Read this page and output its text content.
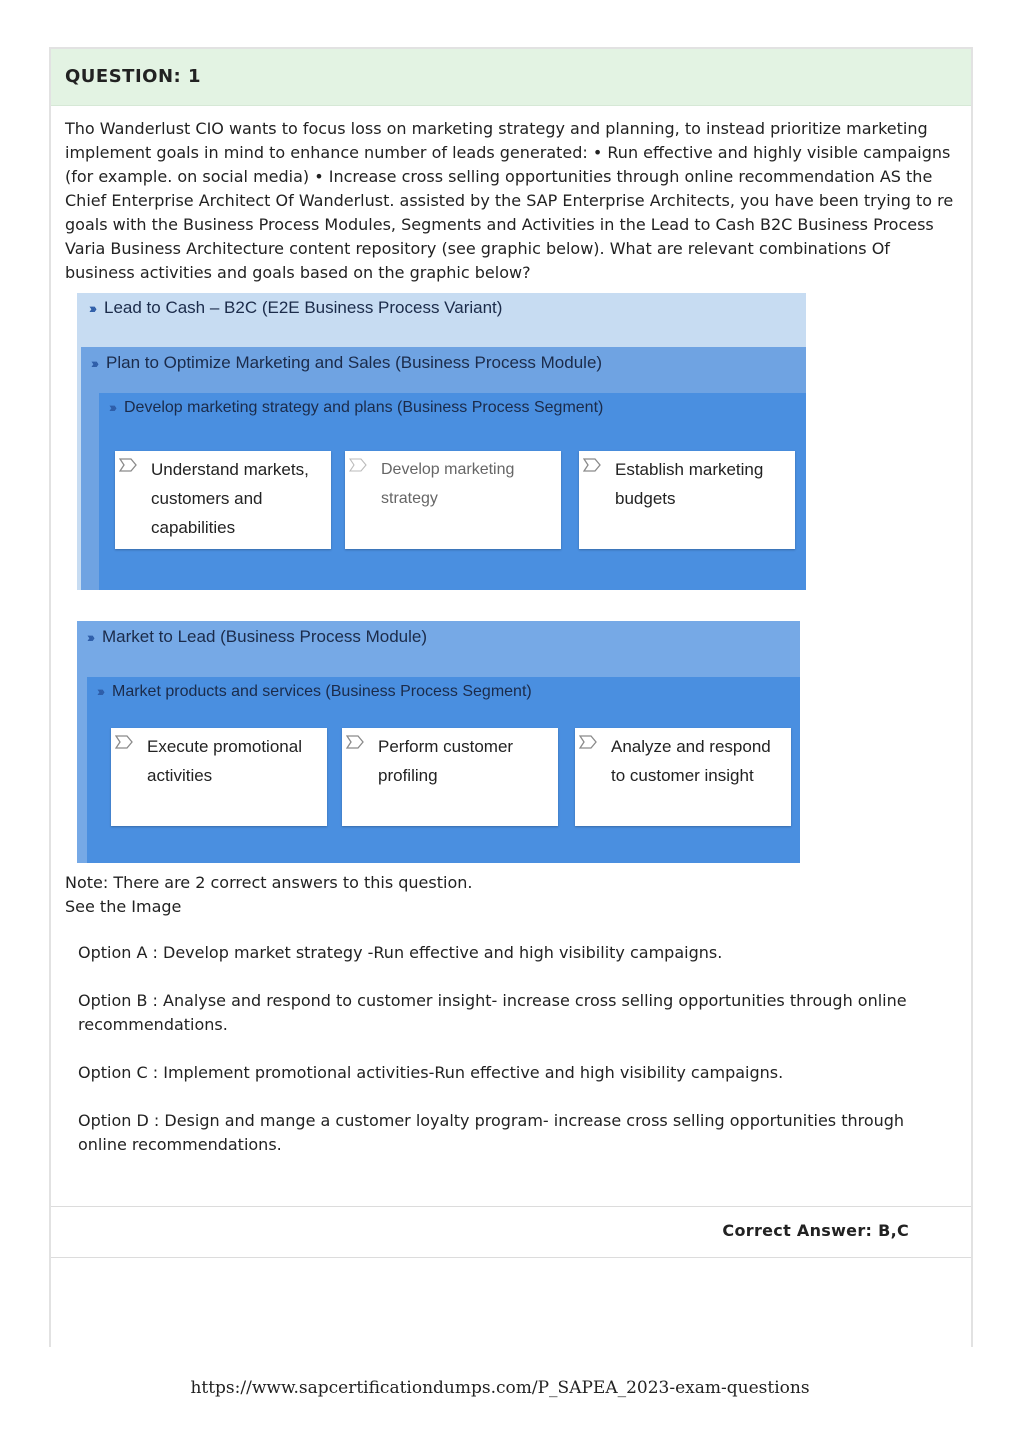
QUESTION: 1

Tho Wanderlust CIO wants to focus loss on marketing strategy and planning, to instead prioritize marketing implement goals in mind to enhance number of leads generated: • Run effective and highly visible campaigns (for example. on social media) • Increase cross selling opportunities through online recommendation AS the Chief Enterprise Architect Of Wanderlust. assisted by the SAP Enterprise Architects, you have been trying to re goals with the Business Process Modules, Segments and Activities in the Lead to Cash B2C Business Process Varia Business Architecture content repository (see graphic below). What are relevant combinations Of business activities and goals based on the graphic below?

››› Lead to Cash – B2C (E2E Business Process Variant)
››› Plan to Optimize Marketing and Sales (Business Process Module)
››› Develop marketing strategy and plans (Business Process Segment)
Understand markets, customers and capabilities
Develop marketing strategy
Establish marketing budgets
››› Market to Lead (Business Process Module)
››› Market products and services (Business Process Segment)
Execute promotional activities
Perform customer profiling
Analyze and respond to customer insight
Note: There are 2 correct answers to this question.
See the Image
Option A : Develop market strategy -Run effective and high visibility campaigns.
Option B : Analyse and respond to customer insight- increase cross selling opportunities through online recommendations.
Option C : Implement promotional activities-Run effective and high visibility campaigns.
Option D : Design and mange a customer loyalty program- increase cross selling opportunities through online recommendations.
Correct Answer: B,C
https://www.sapcertificationdumps.com/P_SAPEA_2023-exam-questions
